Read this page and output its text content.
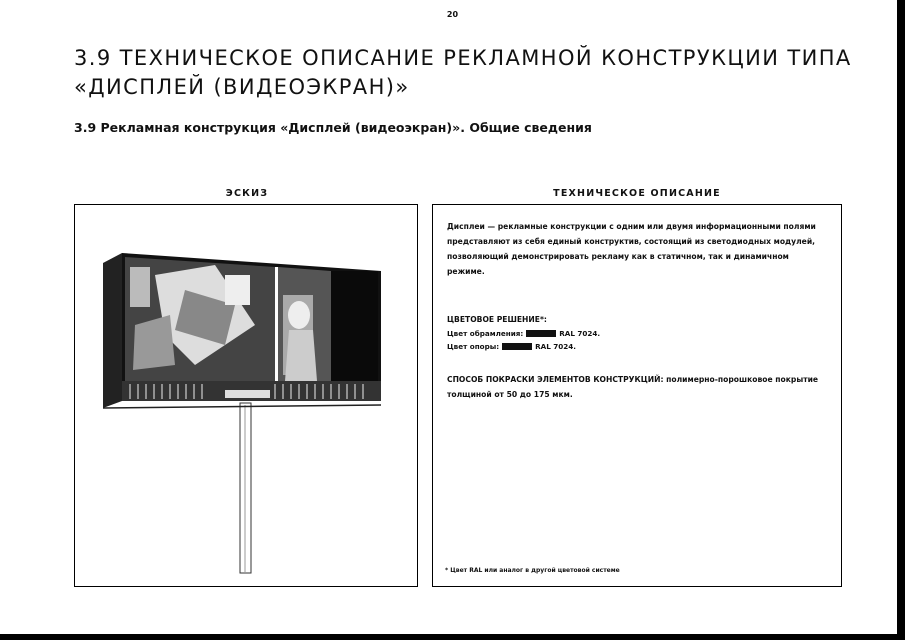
20
3.9 ТЕХНИЧЕСКОЕ ОПИСАНИЕ РЕКЛАМНОЙ КОНСТРУКЦИИ ТИПА «ДИСПЛЕЙ (ВИДЕОЭКРАН)»
3.9 Рекламная конструкция «Дисплей (видеоэкран)». Общие сведения
ЭСКИЗ	ТЕХНИЧЕСКОЕ ОПИСАНИЕ

Дисплеи — рекламные конструкции с одним или двумя информационными полями представляют из себя единый конструктив, состоящий из светодиодных модулей, позволяющий демонстрировать рекламу как в статичном, так и динамичном режиме.

ЦВЕТОВОЕ РЕШЕНИЕ*:

Цвет обрамления:	RAL 7024.

Цвет опоры:	RAL 7024.

СПОСОБ ПОКРАСКИ ЭЛЕМЕНТОВ КОНСТРУКЦИЙ: полимерно-порошковое покрытие толщиной от 50 до 175 мкм.

* Цвет RAL или аналог в другой цветовой системе
